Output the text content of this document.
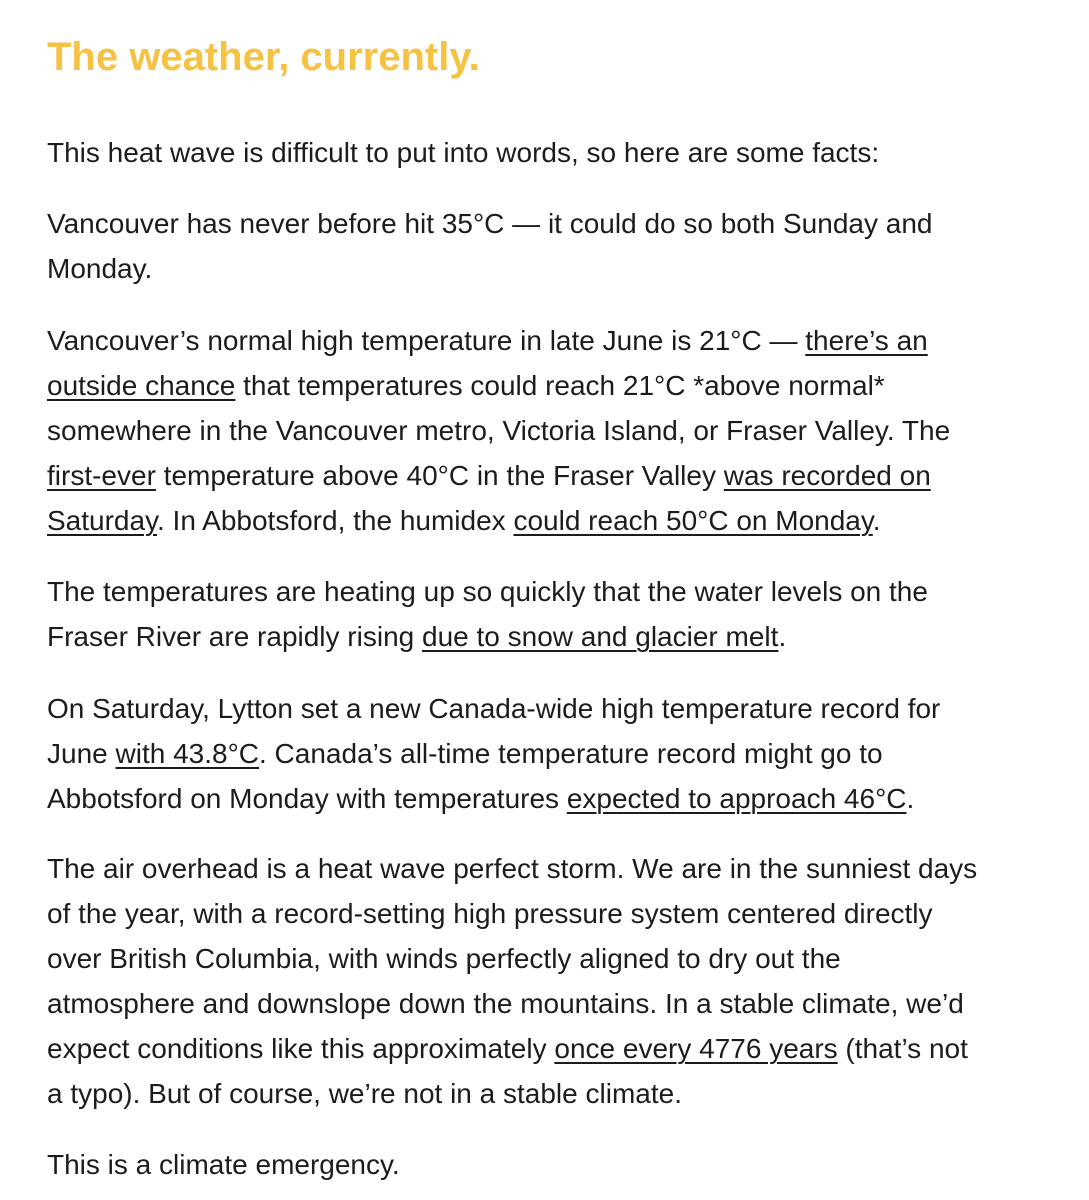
The weather, currently.

This heat wave is difficult to put into words, so here are some facts:

Vancouver has never before hit 35°C — it could do so both Sunday and
Monday.

Vancouver’s normal high temperature in late June is 21°C — there’s an
outside chance that temperatures could reach 21°C *above normal*
somewhere in the Vancouver metro, Victoria Island, or Fraser Valley. The
first-ever temperature above 40°C in the Fraser Valley was recorded on
Saturday. In Abbotsford, the humidex could reach 50°C on Monday.

The temperatures are heating up so quickly that the water levels on the
Fraser River are rapidly rising due to snow and glacier melt.

On Saturday, Lytton set a new Canada-wide high temperature record for
June with 43.8°C. Canada’s all-time temperature record might go to
Abbotsford on Monday with temperatures expected to approach 46°C.

The air overhead is a heat wave perfect storm. We are in the sunniest days
of the year, with a record-setting high pressure system centered directly
over British Columbia, with winds perfectly aligned to dry out the
atmosphere and downslope down the mountains. In a stable climate, we’d
expect conditions like this approximately once every 4776 years (that’s not
a typo). But of course, we’re not in a stable climate.

This is a climate emergency.
